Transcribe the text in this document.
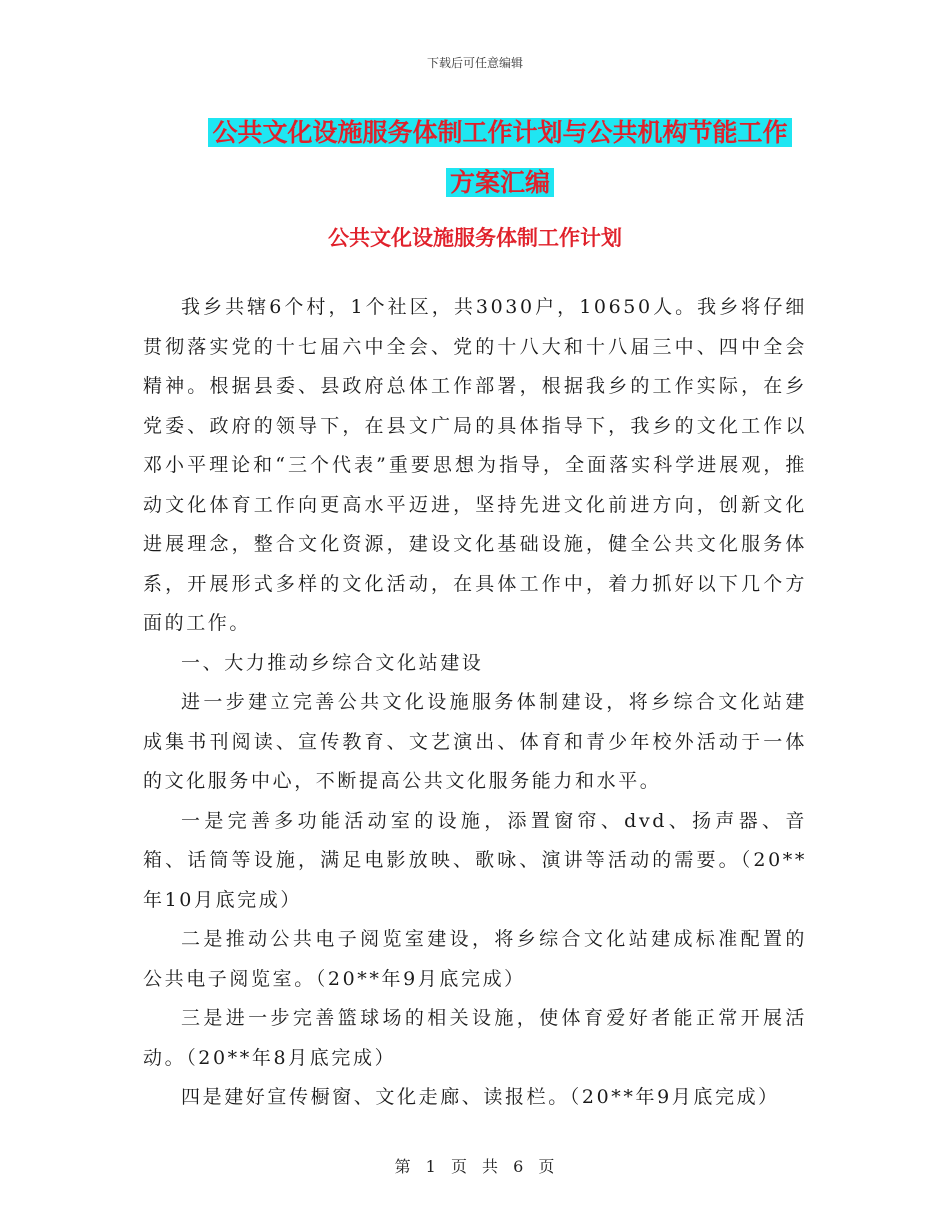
下载后可任意编辑
公共文化设施服务体制工作计划与公共机构节能工作
方案汇编
公共文化设施服务体制工作计划

我乡共辖6个村，1个社区，共3030户，10650人。我乡将仔细贯彻落实党的十七届六中全会、党的十八大和十八届三中、四中全会精神。根据县委、县政府总体工作部署，根据我乡的工作实际，在乡党委、政府的领导下，在县文广局的具体指导下，我乡的文化工作以邓小平理论和“三个代表”重要思想为指导，全面落实科学进展观，推动文化体育工作向更高水平迈进，坚持先进文化前进方向，创新文化进展理念，整合文化资源，建设文化基础设施，健全公共文化服务体系，开展形式多样的文化活动，在具体工作中，着力抓好以下几个方面的工作。

一、大力推动乡综合文化站建设

进一步建立完善公共文化设施服务体制建设，将乡综合文化站建成集书刊阅读、宣传教育、文艺演出、体育和青少年校外活动于一体的文化服务中心，不断提高公共文化服务能力和水平。

一是完善多功能活动室的设施，添置窗帘、dvd、扬声器、音箱、话筒等设施，满足电影放映、歌咏、演讲等活动的需要。（20**年10月底完成）

二是推动公共电子阅览室建设，将乡综合文化站建成标准配置的公共电子阅览室。（20**年9月底完成）

三是进一步完善篮球场的相关设施，使体育爱好者能正常开展活动。（20**年8月底完成）

四是建好宣传橱窗、文化走廊、读报栏。（20**年9月底完成）

第 1 页 共 6 页
